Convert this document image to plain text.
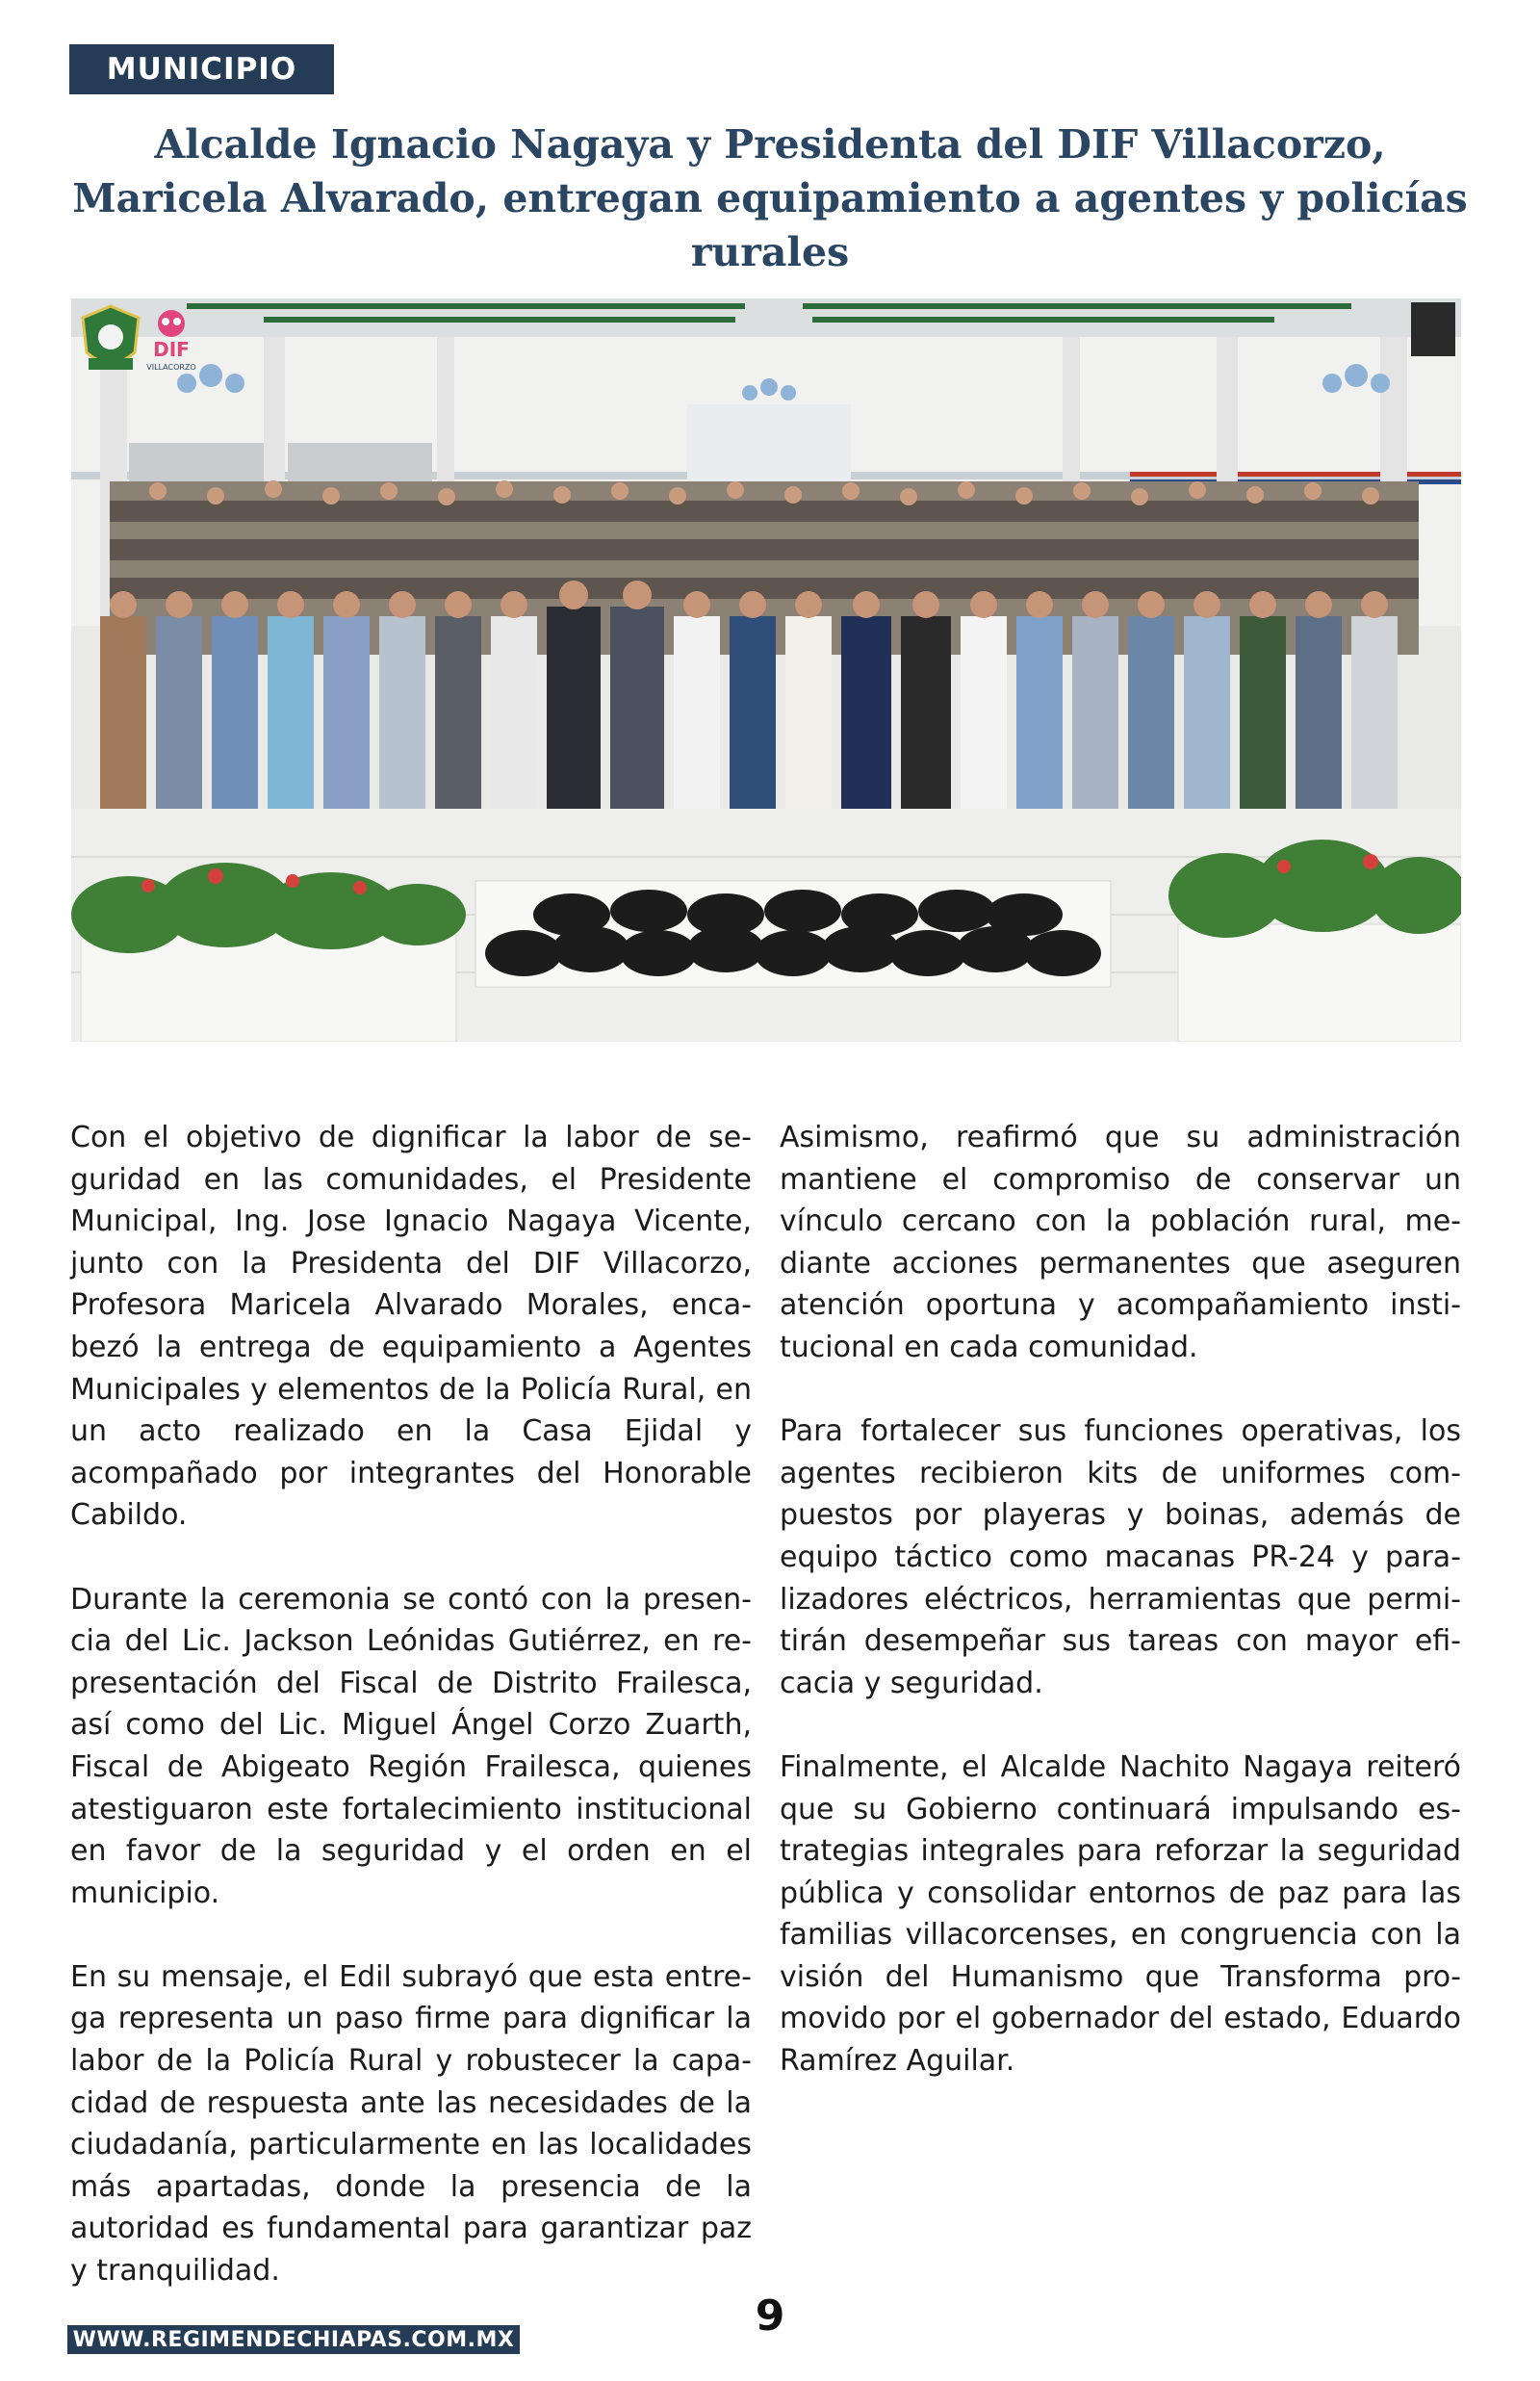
MUNICIPIO
Alcalde Ignacio Nagaya y Presidenta del DIF Villacorzo, Maricela Alvarado, entregan equipamiento a agentes y policías rurales
DIF
VILLACORZO

Con el objetivo de dignificar la labor de seguridad en las comunidades, el Presidente Municipal, Ing. Jose Ignacio Nagaya Vicente, junto con la Presidenta del DIF Villacorzo, Profesora Maricela Alvarado Morales, encabezó la entrega de equipamiento a Agentes Municipales y elementos de la Policía Rural, en un acto realizado en la Casa Ejidal y acompañado por integrantes del Honorable Cabildo.

Durante la ceremonia se contó con la presencia del Lic. Jackson Leónidas Gutiérrez, en representación del Fiscal de Distrito Frailesca, así como del Lic. Miguel Ángel Corzo Zuarth, Fiscal de Abigeato Región Frailesca, quienes atestiguaron este fortalecimiento institucional en favor de la seguridad y el orden en el municipio.

En su mensaje, el Edil subrayó que esta entrega representa un paso firme para dignificar la labor de la Policía Rural y robustecer la capacidad de respuesta ante las necesidades de la ciudadanía, particularmente en las localidades más apartadas, donde la presencia de la autoridad es fundamental para garantizar paz y tranquilidad.

Asimismo, reafirmó que su administración mantiene el compromiso de conservar un vínculo cercano con la población rural, mediante acciones permanentes que aseguren atención oportuna y acompañamiento institucional en cada comunidad.

Para fortalecer sus funciones operativas, los agentes recibieron kits de uniformes compuestos por playeras y boinas, además de equipo táctico como macanas PR-24 y paralizadores eléctricos, herramientas que permitirán desempeñar sus tareas con mayor eficacia y seguridad.

Finalmente, el Alcalde Nachito Nagaya reiteró que su Gobierno continuará impulsando estrategias integrales para reforzar la seguridad pública y consolidar entornos de paz para las familias villacorcenses, en congruencia con la visión del Humanismo que Transforma promovido por el gobernador del estado, Eduardo Ramírez Aguilar.

WWW.REGIMENDECHIAPAS.COM.MX	9
